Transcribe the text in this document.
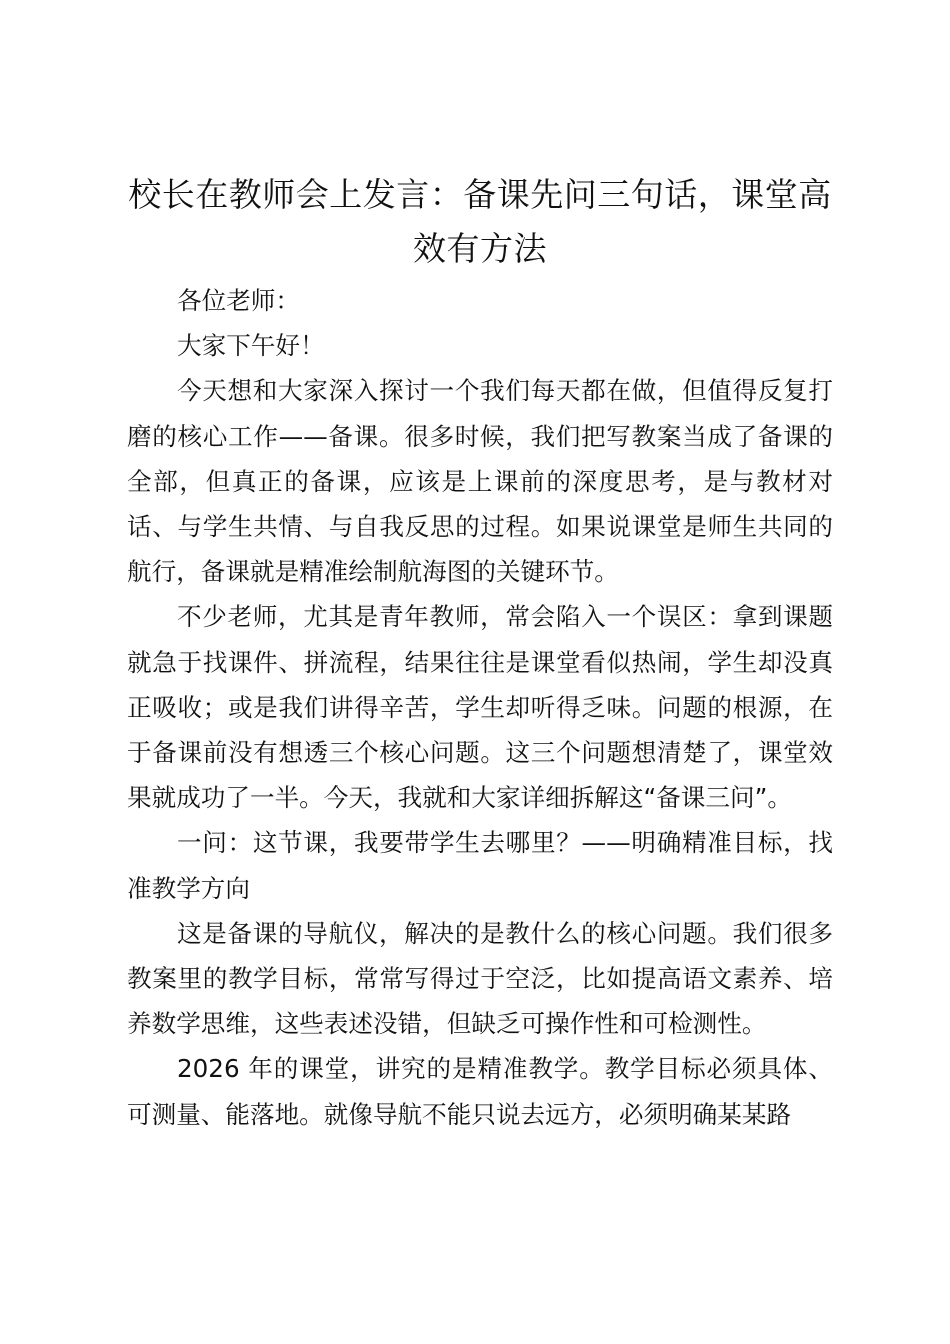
校长在教师会上发言：备课先问三句话，课堂高效有方法

各位老师：

大家下午好！

今天想和大家深入探讨一个我们每天都在做，但值得反复打磨的核心工作——备课。很多时候，我们把写教案当成了备课的全部，但真正的备课，应该是上课前的深度思考，是与教材对话、与学生共情、与自我反思的过程。如果说课堂是师生共同的航行，备课就是精准绘制航海图的关键环节。

不少老师，尤其是青年教师，常会陷入一个误区：拿到课题就急于找课件、拼流程，结果往往是课堂看似热闹，学生却没真正吸收；或是我们讲得辛苦，学生却听得乏味。问题的根源，在于备课前没有想透三个核心问题。这三个问题想清楚了，课堂效果就成功了一半。今天，我就和大家详细拆解这“备课三问”。

一问：这节课，我要带学生去哪里？——明确精准目标，找准教学方向

这是备课的导航仪，解决的是教什么的核心问题。我们很多教案里的教学目标，常常写得过于空泛，比如提高语文素养、培养数学思维，这些表述没错，但缺乏可操作性和可检测性。

2026 年的课堂，讲究的是精准教学。教学目标必须具体、可测量、能落地。就像导航不能只说去远方，必须明确某某路
